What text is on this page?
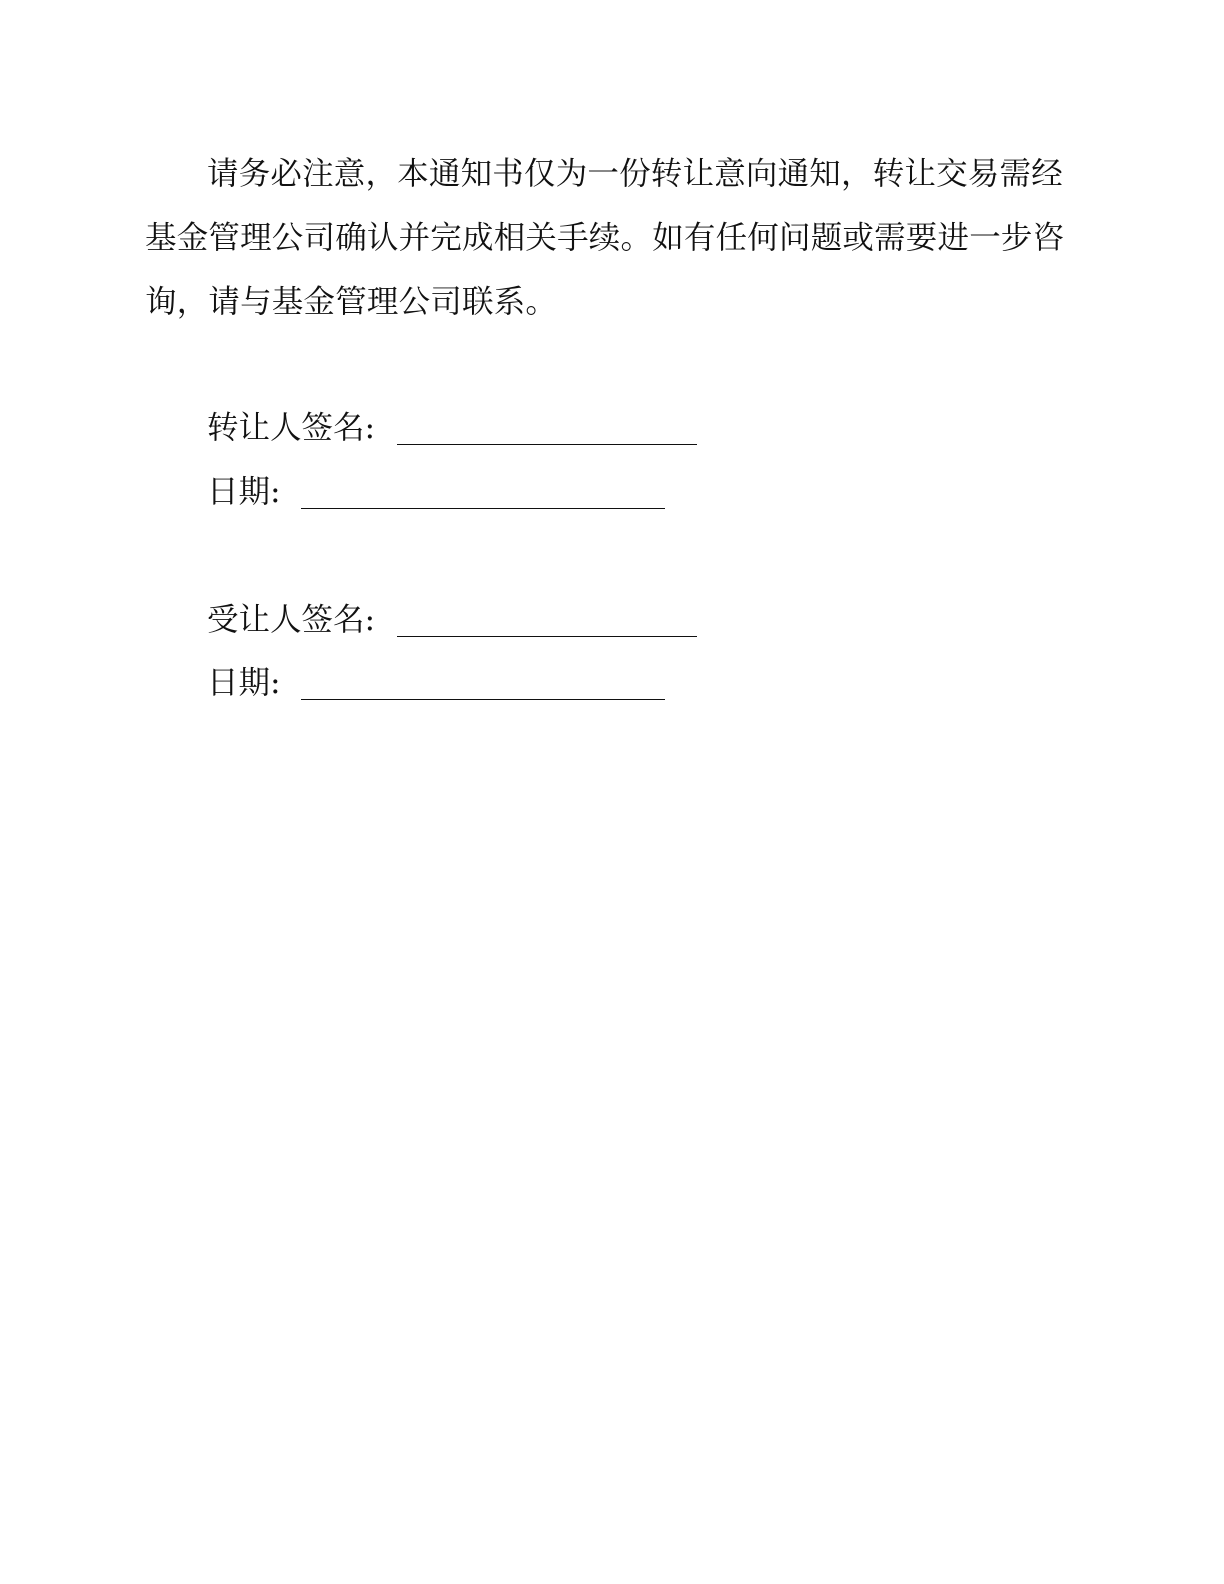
请务必注意，本通知书仅为一份转让意向通知，转让交易需经
基金管理公司确认并完成相关手续。如有任何问题或需要进一步咨
询，请与基金管理公司联系。

转让人签名:
日期:
受让人签名:
日期:
